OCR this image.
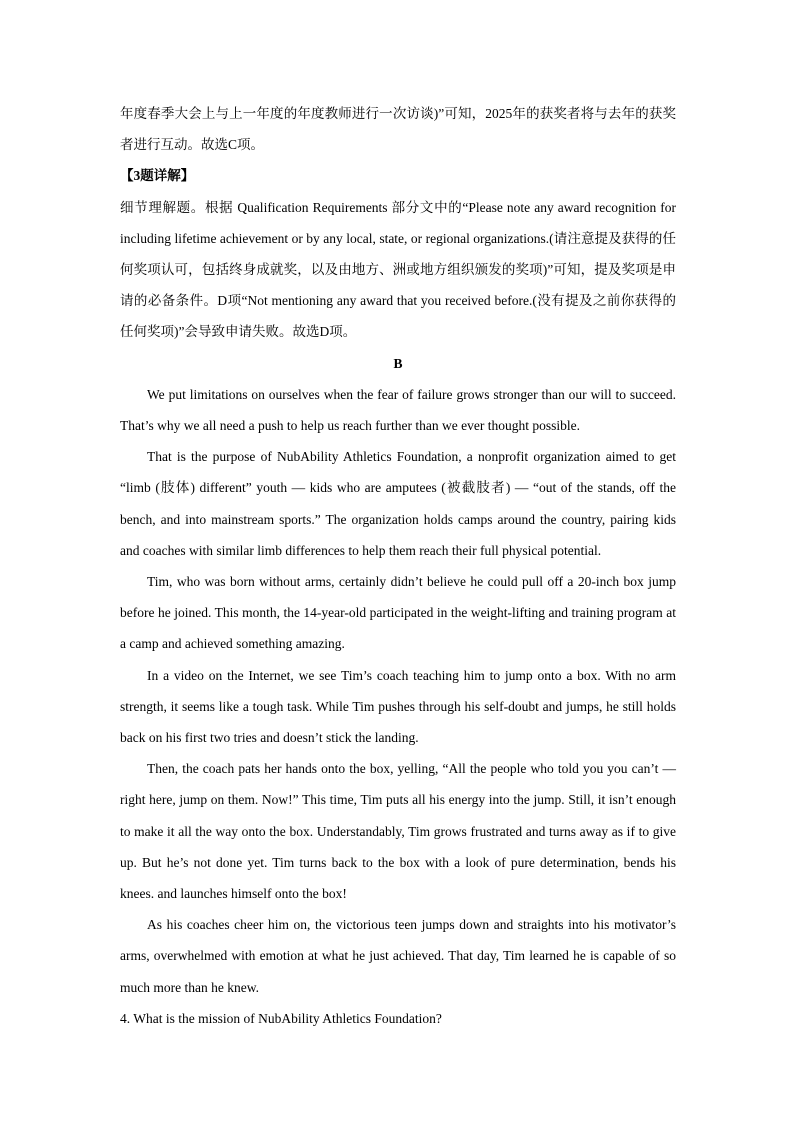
年度春季大会上与上一年度的年度教师进行一次访谈)”可知，2025年的获奖者将与去年的获奖者进行互动。故选C项。

【3题详解】

细节理解题。根据 Qualification Requirements 部分文中的“Please note any award recognition for including lifetime achievement or by any local, state, or regional organizations.(请注意提及获得的任何奖项认可，包括终身成就奖，以及由地方、洲或地方组织颁发的奖项)”可知，提及奖项是申请的必备条件。D项“Not mentioning any award that you received before.(没有提及之前你获得的任何奖项)”会导致申请失败。故选D项。

B

We put limitations on ourselves when the fear of failure grows stronger than our will to succeed. That’s why we all need a push to help us reach further than we ever thought possible.

That is the purpose of NubAbility Athletics Foundation, a nonprofit organization aimed to get “limb (肢体) different” youth — kids who are amputees (被截肢者) — “out of the stands, off the bench, and into mainstream sports.” The organization holds camps around the country, pairing kids and coaches with similar limb differences to help them reach their full physical potential.

Tim, who was born without arms, certainly didn’t believe he could pull off a 20-inch box jump before he joined. This month, the 14-year-old participated in the weight-lifting and training program at a camp and achieved something amazing.

In a video on the Internet, we see Tim’s coach teaching him to jump onto a box. With no arm strength, it seems like a tough task. While Tim pushes through his self-doubt and jumps, he still holds back on his first two tries and doesn’t stick the landing.

Then, the coach pats her hands onto the box, yelling, “All the people who told you you can’t — right here, jump on them. Now!” This time, Tim puts all his energy into the jump. Still, it isn’t enough to make it all the way onto the box. Understandably, Tim grows frustrated and turns away as if to give up. But he’s not done yet. Tim turns back to the box with a look of pure determination, bends his knees. and launches himself onto the box!

As his coaches cheer him on, the victorious teen jumps down and straights into his motivator’s arms, overwhelmed with emotion at what he just achieved. That day, Tim learned he is capable of so much more than he knew.

4. What is the mission of NubAbility Athletics Foundation?
